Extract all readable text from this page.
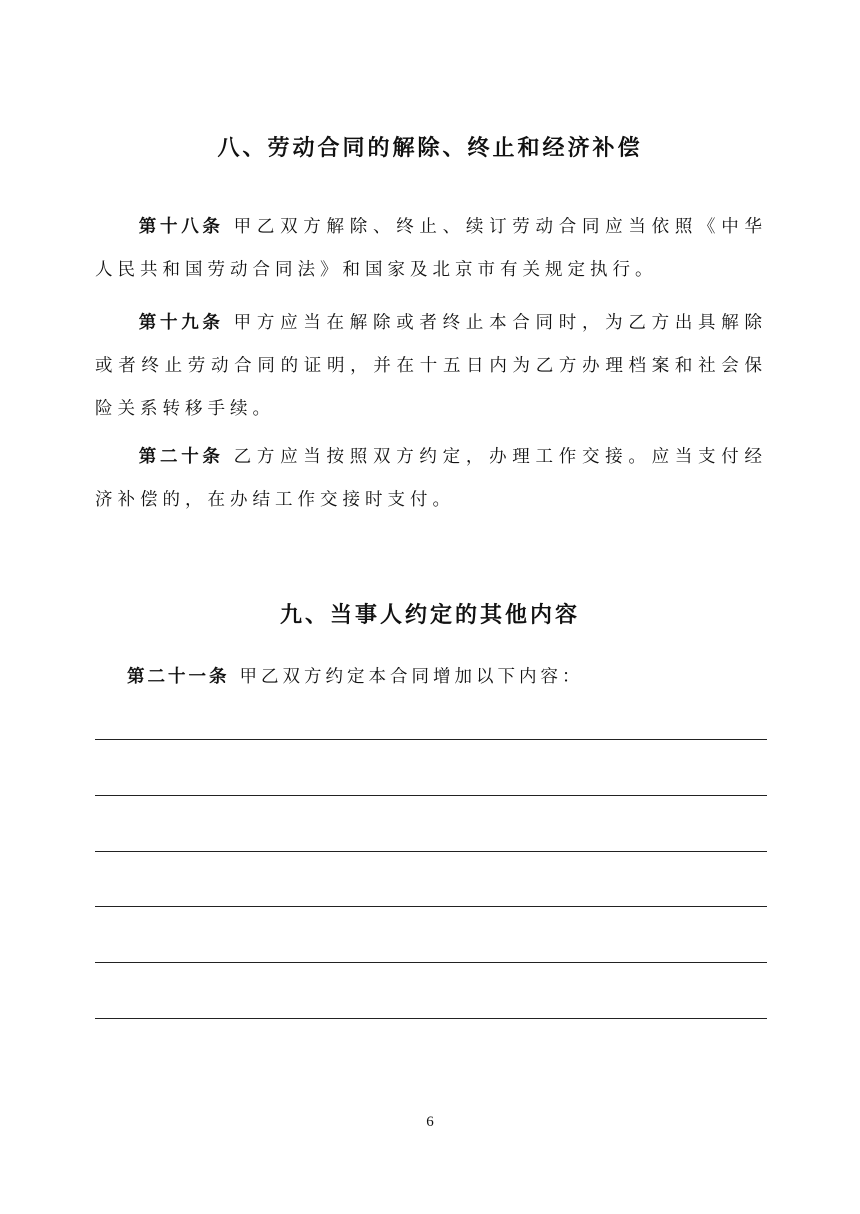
八、劳动合同的解除、终止和经济补偿
第十八条 甲乙双方解除、终止、续订劳动合同应当依照《中华人民共和国劳动合同法》和国家及北京市有关规定执行。
第十九条 甲方应当在解除或者终止本合同时，为乙方出具解除或者终止劳动合同的证明，并在十五日内为乙方办理档案和社会保险关系转移手续。
第二十条 乙方应当按照双方约定，办理工作交接。应当支付经济补偿的，在办结工作交接时支付。
九、当事人约定的其他内容
第二十一条 甲乙双方约定本合同增加以下内容：
6
